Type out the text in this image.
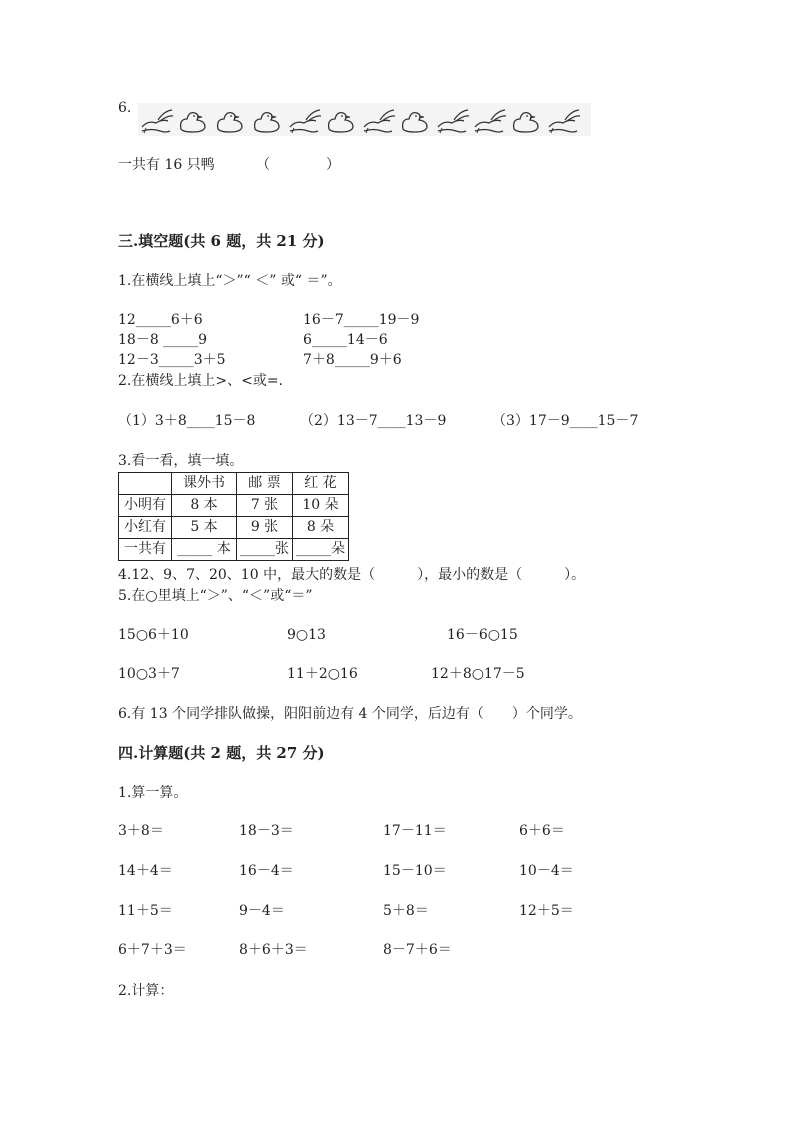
6.
一共有 16 只鸭	（　　　　）
三.填空题(共 6 题，共 21 分)
1.在横线上填上“＞”“ ＜” 或“ ＝”。
12_____6＋6	16－7_____19－9
18－8 _____9	6_____14－6
12－3_____3＋5	7＋8_____9＋6
2.在横线上填上>、<或=.
（1）3＋8____15－8	（2）13－7____13－9	（3）17－9____15－7
3.看一看，填一填。
	课外书	邮 票	红 花
小明有	8 本	7 张	10 朵
小红有	5 本	9 张	8 朵
一共有	_____ 本	_____张	_____朵
4.12、9、7、20、10 中，最大的数是（　　　），最小的数是（　　　）。
5.在○里填上“＞”、“＜”或“＝”
15○6＋10	9○13	16－6○15
10○3＋7	11＋2○16	12＋8○17－5
6.有 13 个同学排队做操，阳阳前边有 4 个同学，后边有（　　）个同学。
四.计算题(共 2 题，共 27 分)
1.算一算。
3＋8＝	18－3＝	17－11＝	6＋6＝
14＋4＝	16－4＝	15－10＝	10－4＝
11＋5＝	9－4＝	5＋8＝	12＋5＝
6＋7＋3＝	8＋6＋3＝	8－7＋6＝
2.计算：
